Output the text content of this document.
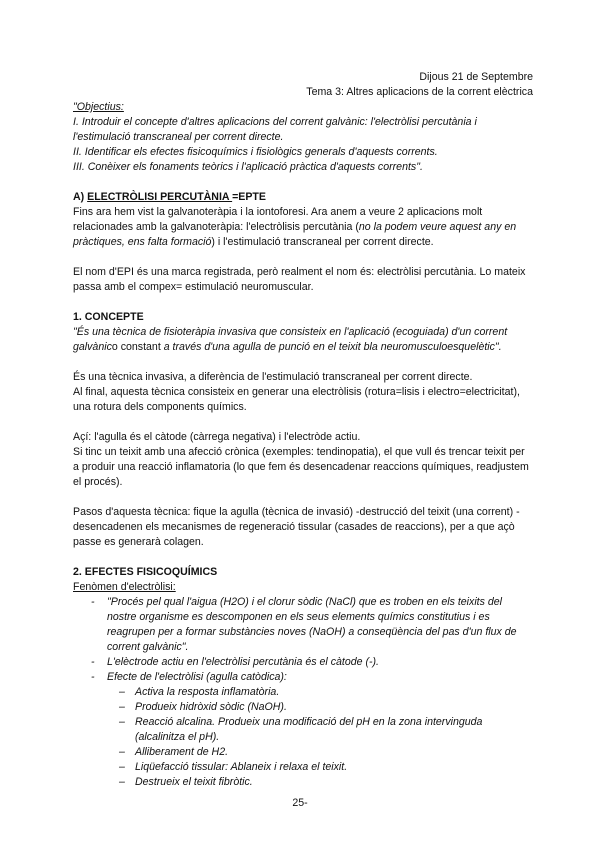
Dijous 21 de Septembre

Tema 3: Altres aplicacions de la corrent elèctrica

"Objectius:

I. Introduir el concepte d'altres aplicacions del corrent galvànic: l'electròlisi percutània i l'estimulació transcraneal per corrent directe.

II. Identificar els efectes fisicoquímics i fisiològics generals d'aquests corrents.

III. Conèixer els fonaments teòrics i l'aplicació pràctica d'aquests corrents".

A) ELECTRÒLISI PERCUTÀNIA =EPTE

Fins ara hem vist la galvanoteràpia i la iontoforesi. Ara anem a veure 2 aplicacions molt relacionades amb la galvanoteràpia: l'electròlisis percutània (no la podem veure aquest any en pràctiques, ens falta formació) i l'estimulació transcraneal per corrent directe.

El nom d'EPI és una marca registrada, però realment el nom és: electròlisi percutània. Lo mateix passa amb el compex= estimulació neuromuscular.

1. CONCEPTE

"És una tècnica de fisioteràpia invasiva que consisteix en l'aplicació (ecoguiada) d'un corrent galvànico constant a través d'una agulla de punció en el teixit bla neuromusculoesquelètic".

És una tècnica invasiva, a diferència de l'estimulació transcraneal per corrent directe.

Al final, aquesta tècnica consisteix en generar una electròlisis (rotura=lisis i electro=electricitat), una rotura dels components químics.

Açí: l'agulla és el càtode (càrrega negativa) i l'electròde actiu.

Si tinc un teixit amb una afecció crònica (exemples: tendinopatia), el que vull és trencar teixit per a produir una reacció inflamatoria (lo que fem és desencadenar reaccions químiques, readjustem el procés).

Pasos d'aquesta tècnica: fique la agulla (tècnica de invasió) -destrucció del teixit (una corrent) - desencadenen els mecanismes de regeneració tissular (casades de reaccions), per a que açò passe es generarà colagen.

2. EFECTES FISICOQUÍMICS

Fenòmen d'electròlisi:

- "Procés pel qual l'aigua (H2O) i el clorur sòdic (NaCl) que es troben en els teixits del nostre organisme es descomponen en els seus elements químics constitutius i es reagrupen per a formar substàncies noves (NaOH) a conseqüència del pas d'un flux de corrent galvànic".
- L'elèctrode actiu en l'electròlisi percutània és el càtode (-).
- Efecte de l'electròlisi (agulla catòdica):
– Activa la resposta inflamatòria.
– Produeix hidròxid sòdic (NaOH).
– Reacció alcalina. Produeix una modificació del pH en la zona intervinguda (alcalinitza el pH).
– Alliberament de H2.
– Liqüefacció tissular: Ablaneix i relaxa el teixit.
– Destrueix el teixit fibròtic.
25-
